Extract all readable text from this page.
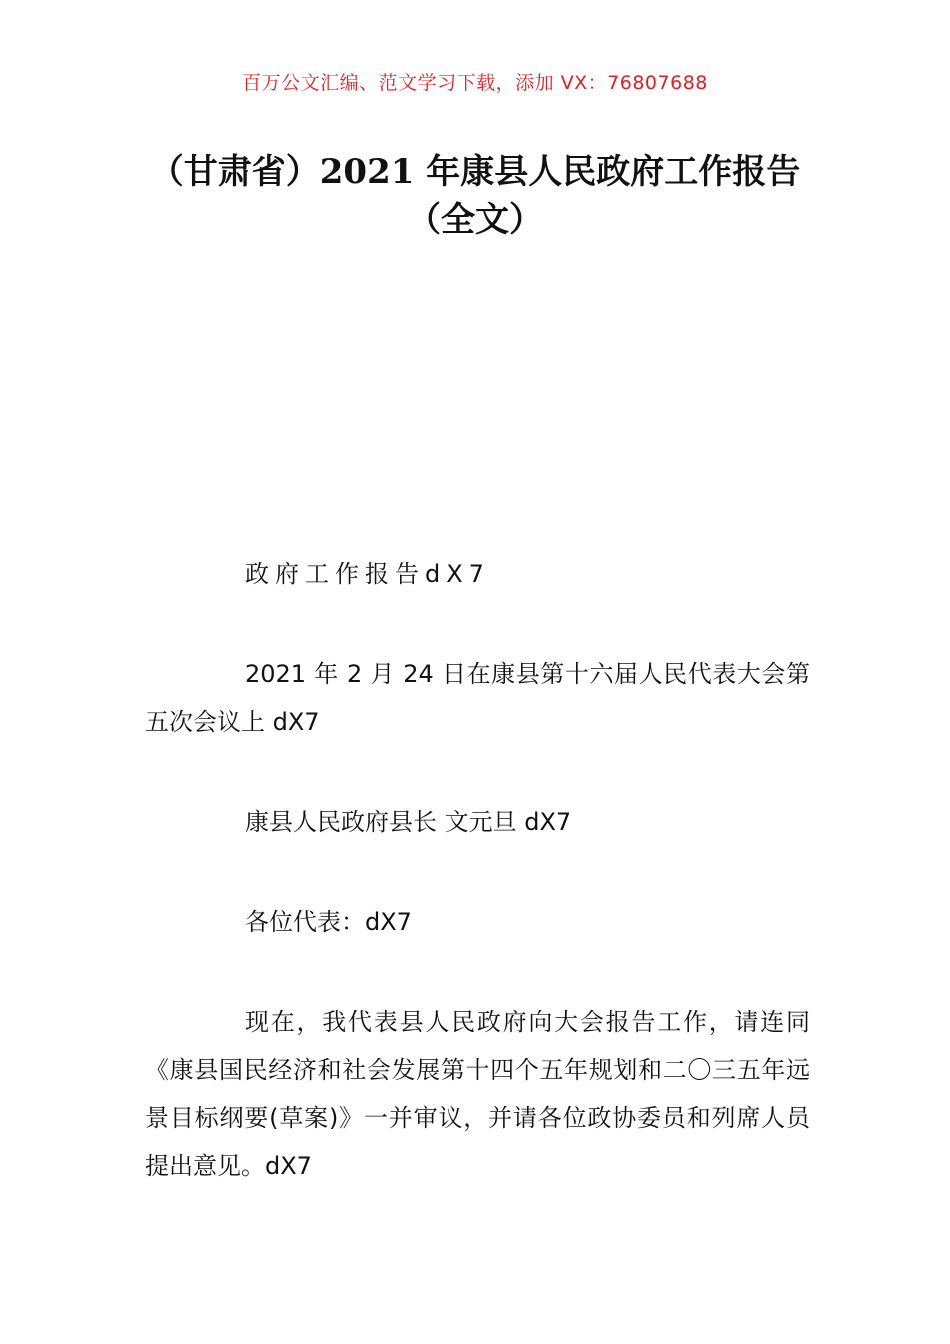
百万公文汇编、范文学习下载，添加 VX：76807688
（甘肃省）2021 年康县人民政府工作报告
（全文）

政府工作报告dX7

2021 年 2 月 24 日在康县第十六届人民代表大会第五次会议上 dX7

康县人民政府县长 文元旦 dX7

各位代表：dX7

现在，我代表县人民政府向大会报告工作，请连同《康县国民经济和社会发展第十四个五年规划和二〇三五年远景目标纲要(草案)》一并审议，并请各位政协委员和列席人员提出意见。dX7
